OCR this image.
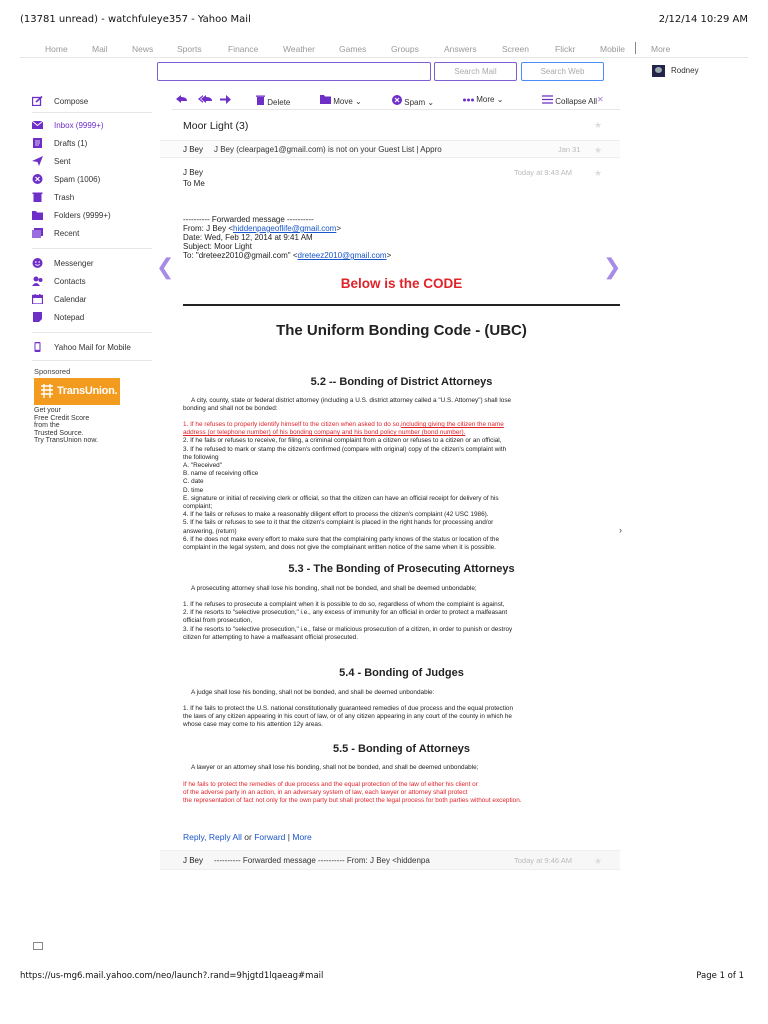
(13781 unread) - watchfuleye357 - Yahoo Mail	2/12/14 10:29 AM
Home	Mail	News	Sports	Finance	Weather	Games	Groups	Answers	Screen	Flickr	Mobile	More
Search Mail	Search Web	Rodney
Compose
Inbox (9999+)
Drafts (1)
Sent
Spam (1006)
Trash
Folders (9999+)
Recent
Messenger
Contacts
Calendar
Notepad
Yahoo Mail for Mobile
Sponsored
TransUnion.
Get your
Free Credit Score
from the
Trusted Source.
Try TransUnion now.
Delete	Move ⌄	Spam ⌄	More ⌄	Collapse All ✕
Moor Light (3)	★
J Bey J Bey (clearpage1@gmail.com) is not on your Guest List | Appro	Jan 31 ★
J Bey
To Me
Today at 9:43 AM ★
❮	❯
---------- Forwarded message ----------
From: J Bey <hiddenpageoflife@gmail.com>
Date: Wed, Feb 12, 2014 at 9:41 AM
Subject: Moor Light
To: "dreteez2010@gmail.com" <dreteez2010@gmail.com>
Below is the CODE
The Uniform Bonding Code - (UBC)
5.2 -- Bonding of District Attorneys
A city, county, state or federal district attorney (including a U.S. district attorney called a "U.S. Attorney") shall lose
bonding and shall not be bonded:
1. If he refuses to properly identify himself to the citizen when asked to do so,including giving the citizen the name
address (or telephone number) of his bonding company and his bond policy number (bond number).
2. If he fails or refuses to receive, for filing, a criminal complaint from a citizen or refuses to a citizen or an official,
3. If he refused to mark or stamp the citizen's confirmed (compare with original) copy of the citizen's complaint with
the following
A. "Received"
B. name of receiving office
C. date
D. time
E. signature or initial of receiving clerk or official, so that the citizen can have an official receipt for delivery of his
complaint;
4. If he fails or refuses to make a reasonably diligent effort to process the citizen's complaint (42 USC 1986).
5. If he fails or refuses to see to it that the citizen's complaint is placed in the right hands for processing and/or
answering, (return)
6. If he does not make every effort to make sure that the complaining party knows of the status or location of the
complaint in the legal system, and does not give the complainant written notice of the same when it is possible.
›
5.3 - The Bonding of Prosecuting Attorneys
A prosecuting attorney shall lose his bonding, shall not be bonded, and shall be deemed unbondable;
1. If he refuses to prosecute a complaint when it is possible to do so, regardless of whom the complaint is against,
2. If he resorts to "selective prosecution," i.e., any excess of immunity for an official in order to protect a malfeasant
official from prosecution,
3. If he resorts to "selective prosecution," i.e., false or malicious prosecution of a citizen, in order to punish or destroy
citizen for attempting to have a malfeasant official prosecuted.
5.4 - Bonding of Judges
A judge shall lose his bonding, shall not be bonded, and shall be deemed unbondable:
1. If he fails to protect the U.S. national constitutionally guaranteed remedies of due process and the equal protection
the laws of any citizen appearing in his court of law, or of any citizen appearing in any court of the county in which he
whose case may come to his attention 12y areas.
5.5 - Bonding of Attorneys
A lawyer or an attorney shall lose his bonding, shall not be bonded, and shall be deemed unbondable;
If he fails to protect the remedies of due process and the equal protection of the law of either his client or
of the adverse party in an action, in an adversary system of law, each lawyer or attorney shall protect
the representation of fact not only for the own party but shall protect the legal process for both parties without exception.
Reply, Reply All or Forward | More
J Bey ---------- Forwarded message ---------- From: J Bey <hiddenpa	Today at 9:46 AM ★
https://us-mg6.mail.yahoo.com/neo/launch?.rand=9hjgtd1lqaeag#mail	Page 1 of 1
